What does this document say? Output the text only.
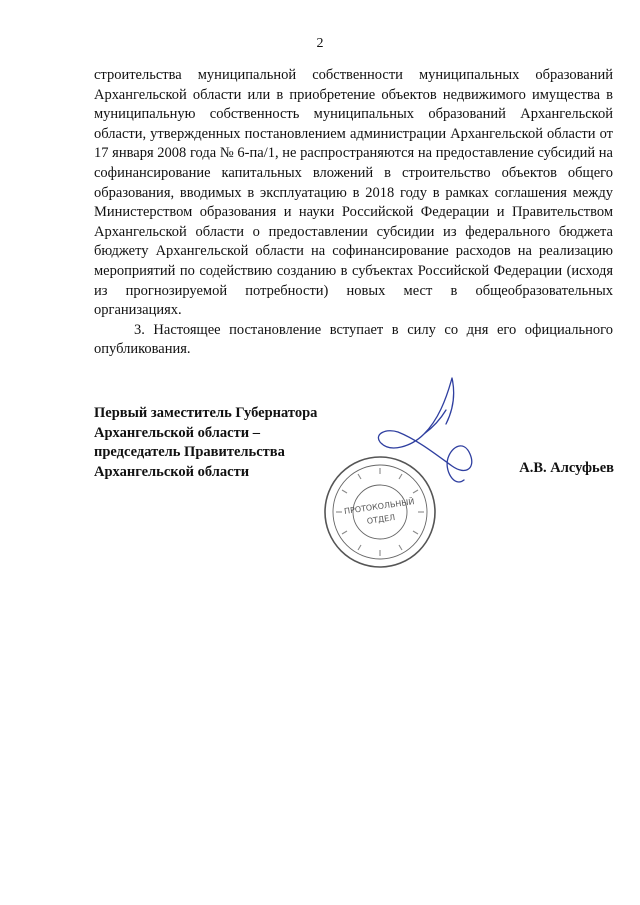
2

строительства муниципальной собственности муниципальных образований Архангельской области или в приобретение объектов недвижимого имущества в муниципальную собственность муниципальных образований Архангельской области, утвержденных постановлением администрации Архангельской области от 17 января 2008 года № 6-па/1, не распространяются на предоставление субсидий на софинансирование капитальных вложений в строительство объектов общего образования, вводимых в эксплуатацию в 2018 году в рамках соглашения между Министерством образования и науки Российской Федерации и Правительством Архангельской области о предоставлении субсидии из федерального бюджета бюджету Архангельской области на софинансирование расходов на реализацию мероприятий по содействию созданию в субъектах Российской Федерации (исходя из прогнозируемой потребности) новых мест в общеобразовательных организациях.

3. Настоящее постановление вступает в силу со дня его официального опубликования.

Первый заместитель Губернатора
Архангельской области –
председатель Правительства
Архангельской области	А.В. Алсуфьев
ПРОТОКОЛЬНЫЙ
ОТДЕЛ
